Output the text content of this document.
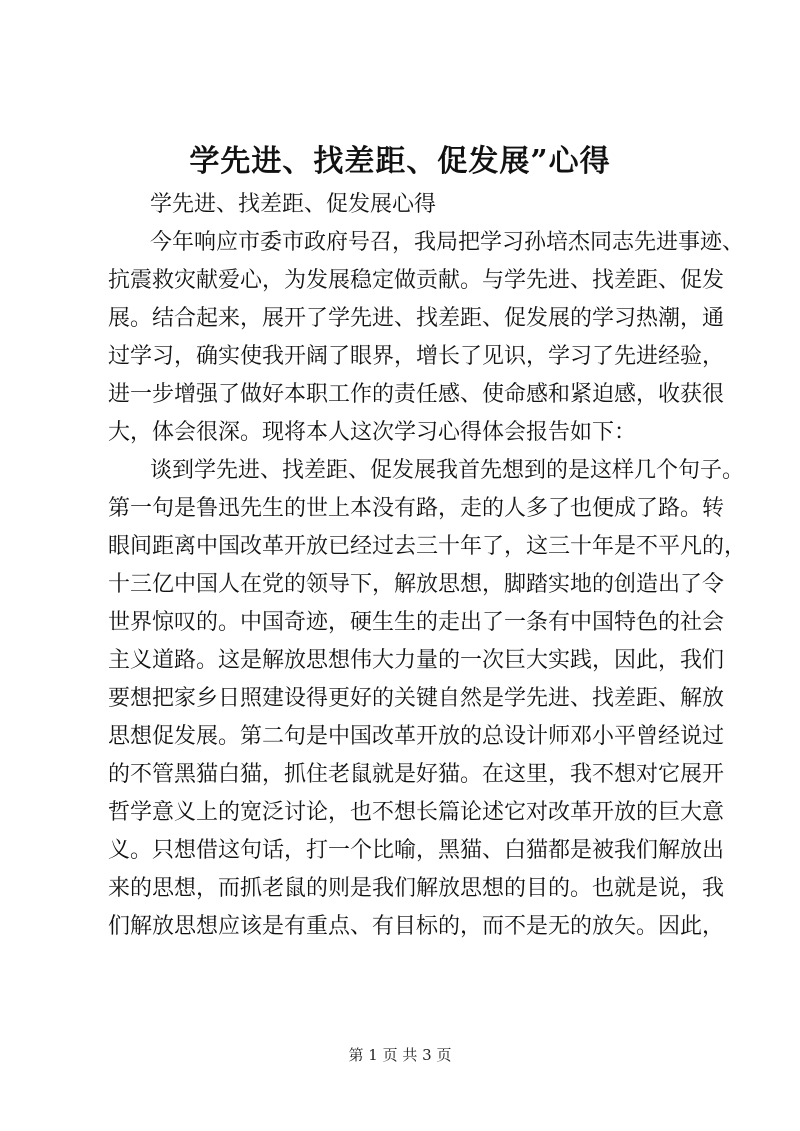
学先进、找差距、促发展”心得
学先进、找差距、促发展心得
今年响应市委市政府号召，我局把学习孙培杰同志先进事迹、
抗震救灾献爱心，为发展稳定做贡献。与学先进、找差距、促发
展。结合起来，展开了学先进、找差距、促发展的学习热潮，通
过学习，确实使我开阔了眼界，增长了见识，学习了先进经验，
进一步增强了做好本职工作的责任感、使命感和紧迫感，收获很
大，体会很深。现将本人这次学习心得体会报告如下：
谈到学先进、找差距、促发展我首先想到的是这样几个句子。
第一句是鲁迅先生的世上本没有路，走的人多了也便成了路。转
眼间距离中国改革开放已经过去三十年了，这三十年是不平凡的，
十三亿中国人在党的领导下，解放思想，脚踏实地的创造出了令
世界惊叹的。中国奇迹，硬生生的走出了一条有中国特色的社会
主义道路。这是解放思想伟大力量的一次巨大实践，因此，我们
要想把家乡日照建设得更好的关键自然是学先进、找差距、解放
思想促发展。第二句是中国改革开放的总设计师邓小平曾经说过
的不管黑猫白猫，抓住老鼠就是好猫。在这里，我不想对它展开
哲学意义上的宽泛讨论，也不想长篇论述它对改革开放的巨大意
义。只想借这句话，打一个比喻，黑猫、白猫都是被我们解放出
来的思想，而抓老鼠的则是我们解放思想的目的。也就是说，我
们解放思想应该是有重点、有目标的，而不是无的放矢。因此，
第 1 页 共 3 页
